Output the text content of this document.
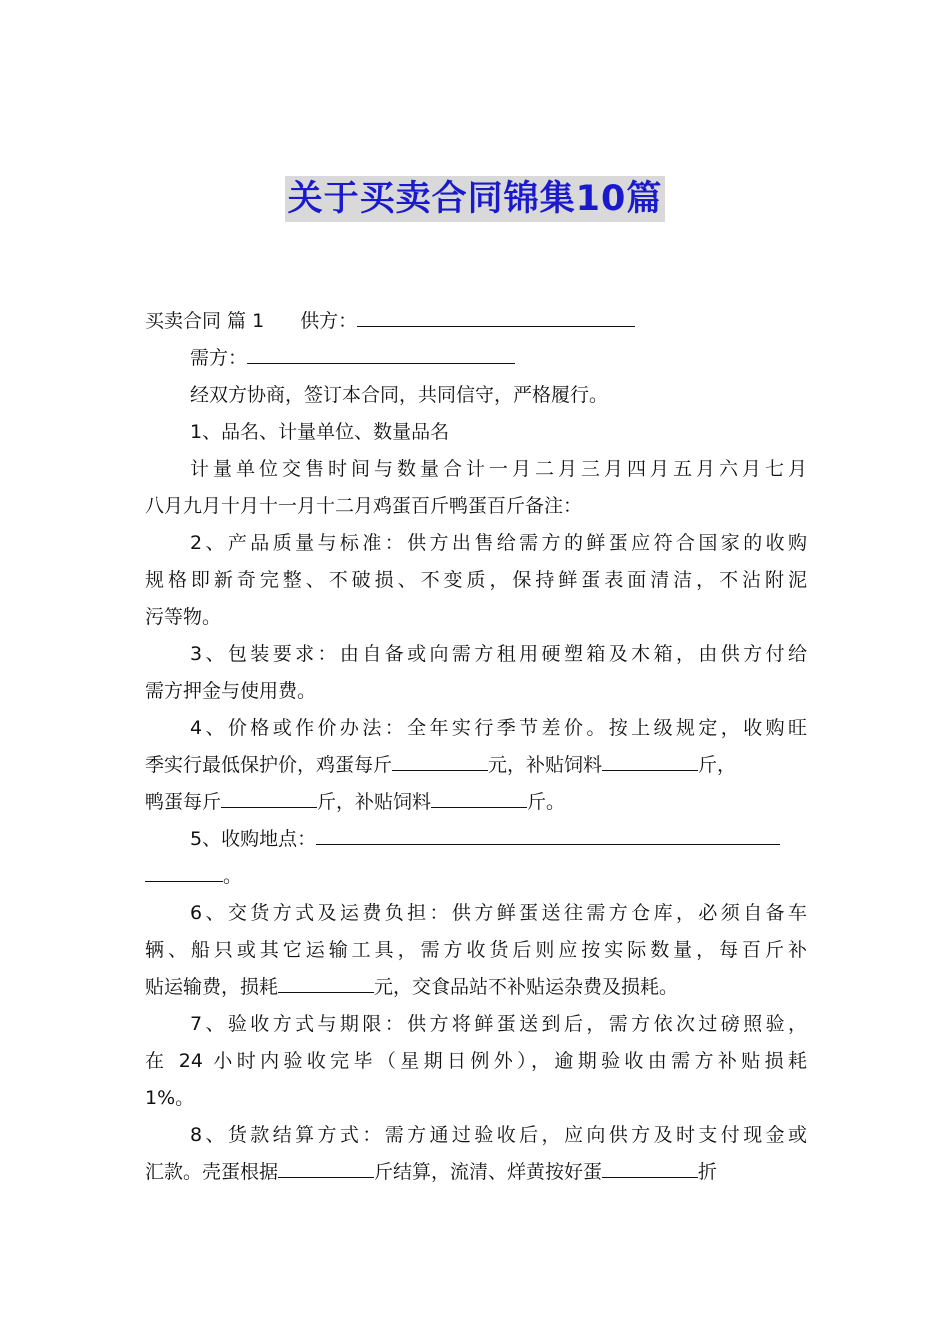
关于买卖合同锦集10篇
买卖合同 篇 1 供方：
需方：
经双方协商，签订本合同，共同信守，严格履行。
1、品名、计量单位、数量品名
计量单位交售时间与数量合计一月二月三月四月五月六月七月
八月九月十月十一月十二月鸡蛋百斤鸭蛋百斤备注：
2、产品质量与标准：供方出售给需方的鲜蛋应符合国家的收购
规格即新奇完整、不破损、不变质，保持鲜蛋表面清洁，不沾附泥
污等物。
3、包装要求：由自备或向需方租用硬塑箱及木箱，由供方付给
需方押金与使用费。
4、价格或作价办法：全年实行季节差价。按上级规定，收购旺
季实行最低保护价，鸡蛋每斤	元，补贴饲料	斤，
鸭蛋每斤	斤，补贴饲料	斤。
5、收购地点：
。
6、交货方式及运费负担：供方鲜蛋送往需方仓库，必须自备车
辆、船只或其它运输工具，需方收货后则应按实际数量，每百斤补
贴运输费，损耗	元，交食品站不补贴运杂费及损耗。
7、验收方式与期限：供方将鲜蛋送到后，需方依次过磅照验，
在 24 小时内验收完毕（星期日例外），逾期验收由需方补贴损耗
1%。
8、货款结算方式：需方通过验收后，应向供方及时支付现金或
汇款。壳蛋根据	斤结算，流清、烊黄按好蛋	折
